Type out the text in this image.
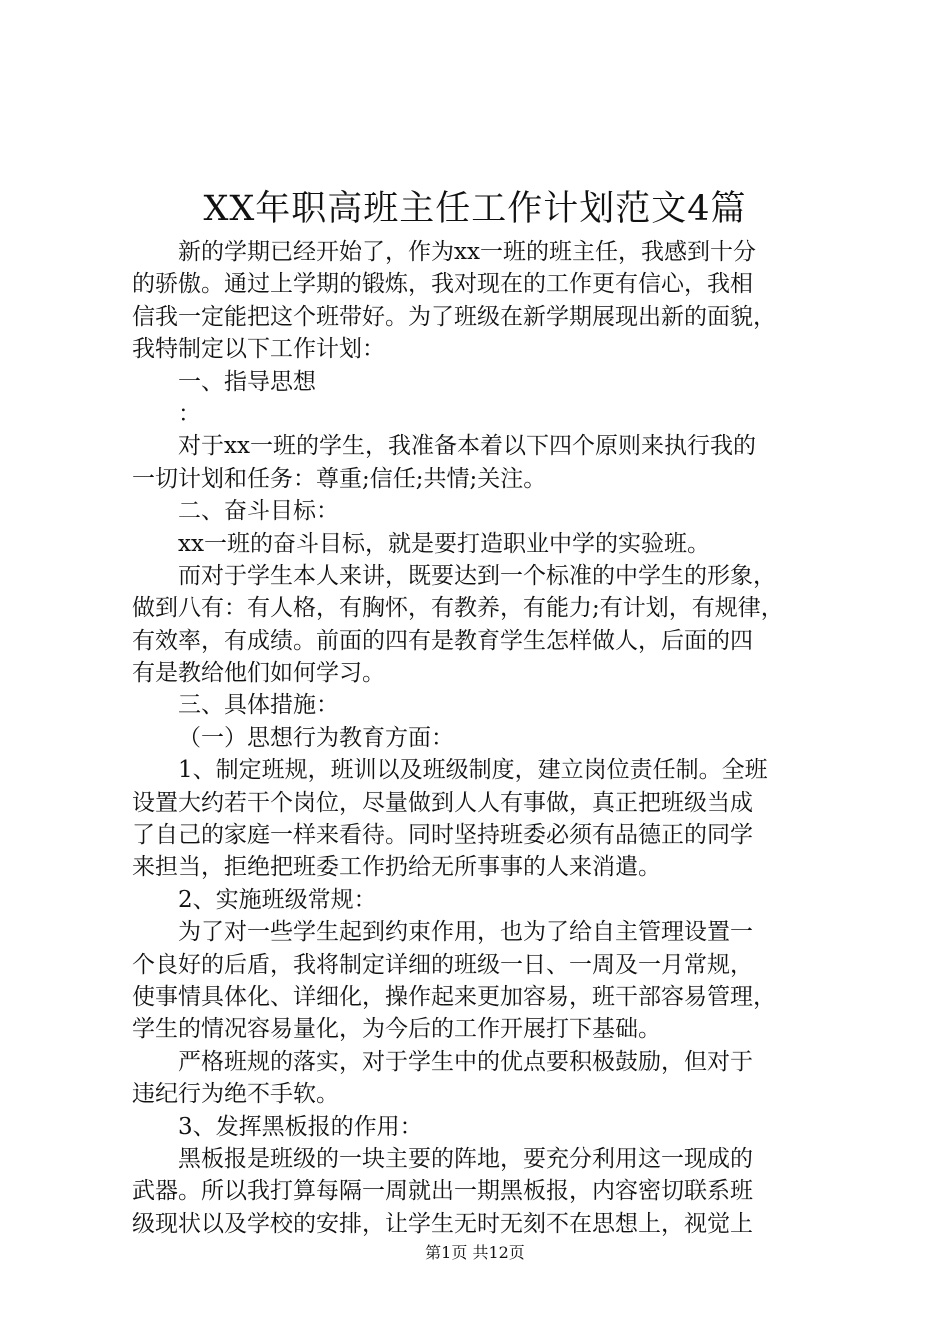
XX年职高班主任工作计划范文4篇
新的学期已经开始了，作为xx一班的班主任，我感到十分
的骄傲。通过上学期的锻炼，我对现在的工作更有信心，我相
信我一定能把这个班带好。为了班级在新学期展现出新的面貌，
我特制定以下工作计划：
一、指导思想
：
对于xx一班的学生，我准备本着以下四个原则来执行我的
一切计划和任务：尊重;信任;共情;关注。
二、奋斗目标：
xx一班的奋斗目标，就是要打造职业中学的实验班。
而对于学生本人来讲，既要达到一个标准的中学生的形象，
做到八有：有人格，有胸怀，有教养，有能力;有计划，有规律，
有效率，有成绩。前面的四有是教育学生怎样做人，后面的四
有是教给他们如何学习。
三、具体措施：
（一）思想行为教育方面：
1、制定班规，班训以及班级制度，建立岗位责任制。全班
设置大约若干个岗位，尽量做到人人有事做，真正把班级当成
了自己的家庭一样来看待。同时坚持班委必须有品德正的同学
来担当，拒绝把班委工作扔给无所事事的人来消遣。
2、实施班级常规：
为了对一些学生起到约束作用，也为了给自主管理设置一
个良好的后盾，我将制定详细的班级一日、一周及一月常规，
使事情具体化、详细化，操作起来更加容易，班干部容易管理，
学生的情况容易量化，为今后的工作开展打下基础。
严格班规的落实，对于学生中的优点要积极鼓励，但对于
违纪行为绝不手软。
3、发挥黑板报的作用：
黑板报是班级的一块主要的阵地，要充分利用这一现成的
武器。所以我打算每隔一周就出一期黑板报，内容密切联系班
级现状以及学校的安排，让学生无时无刻不在思想上，视觉上
第1页 共12页
